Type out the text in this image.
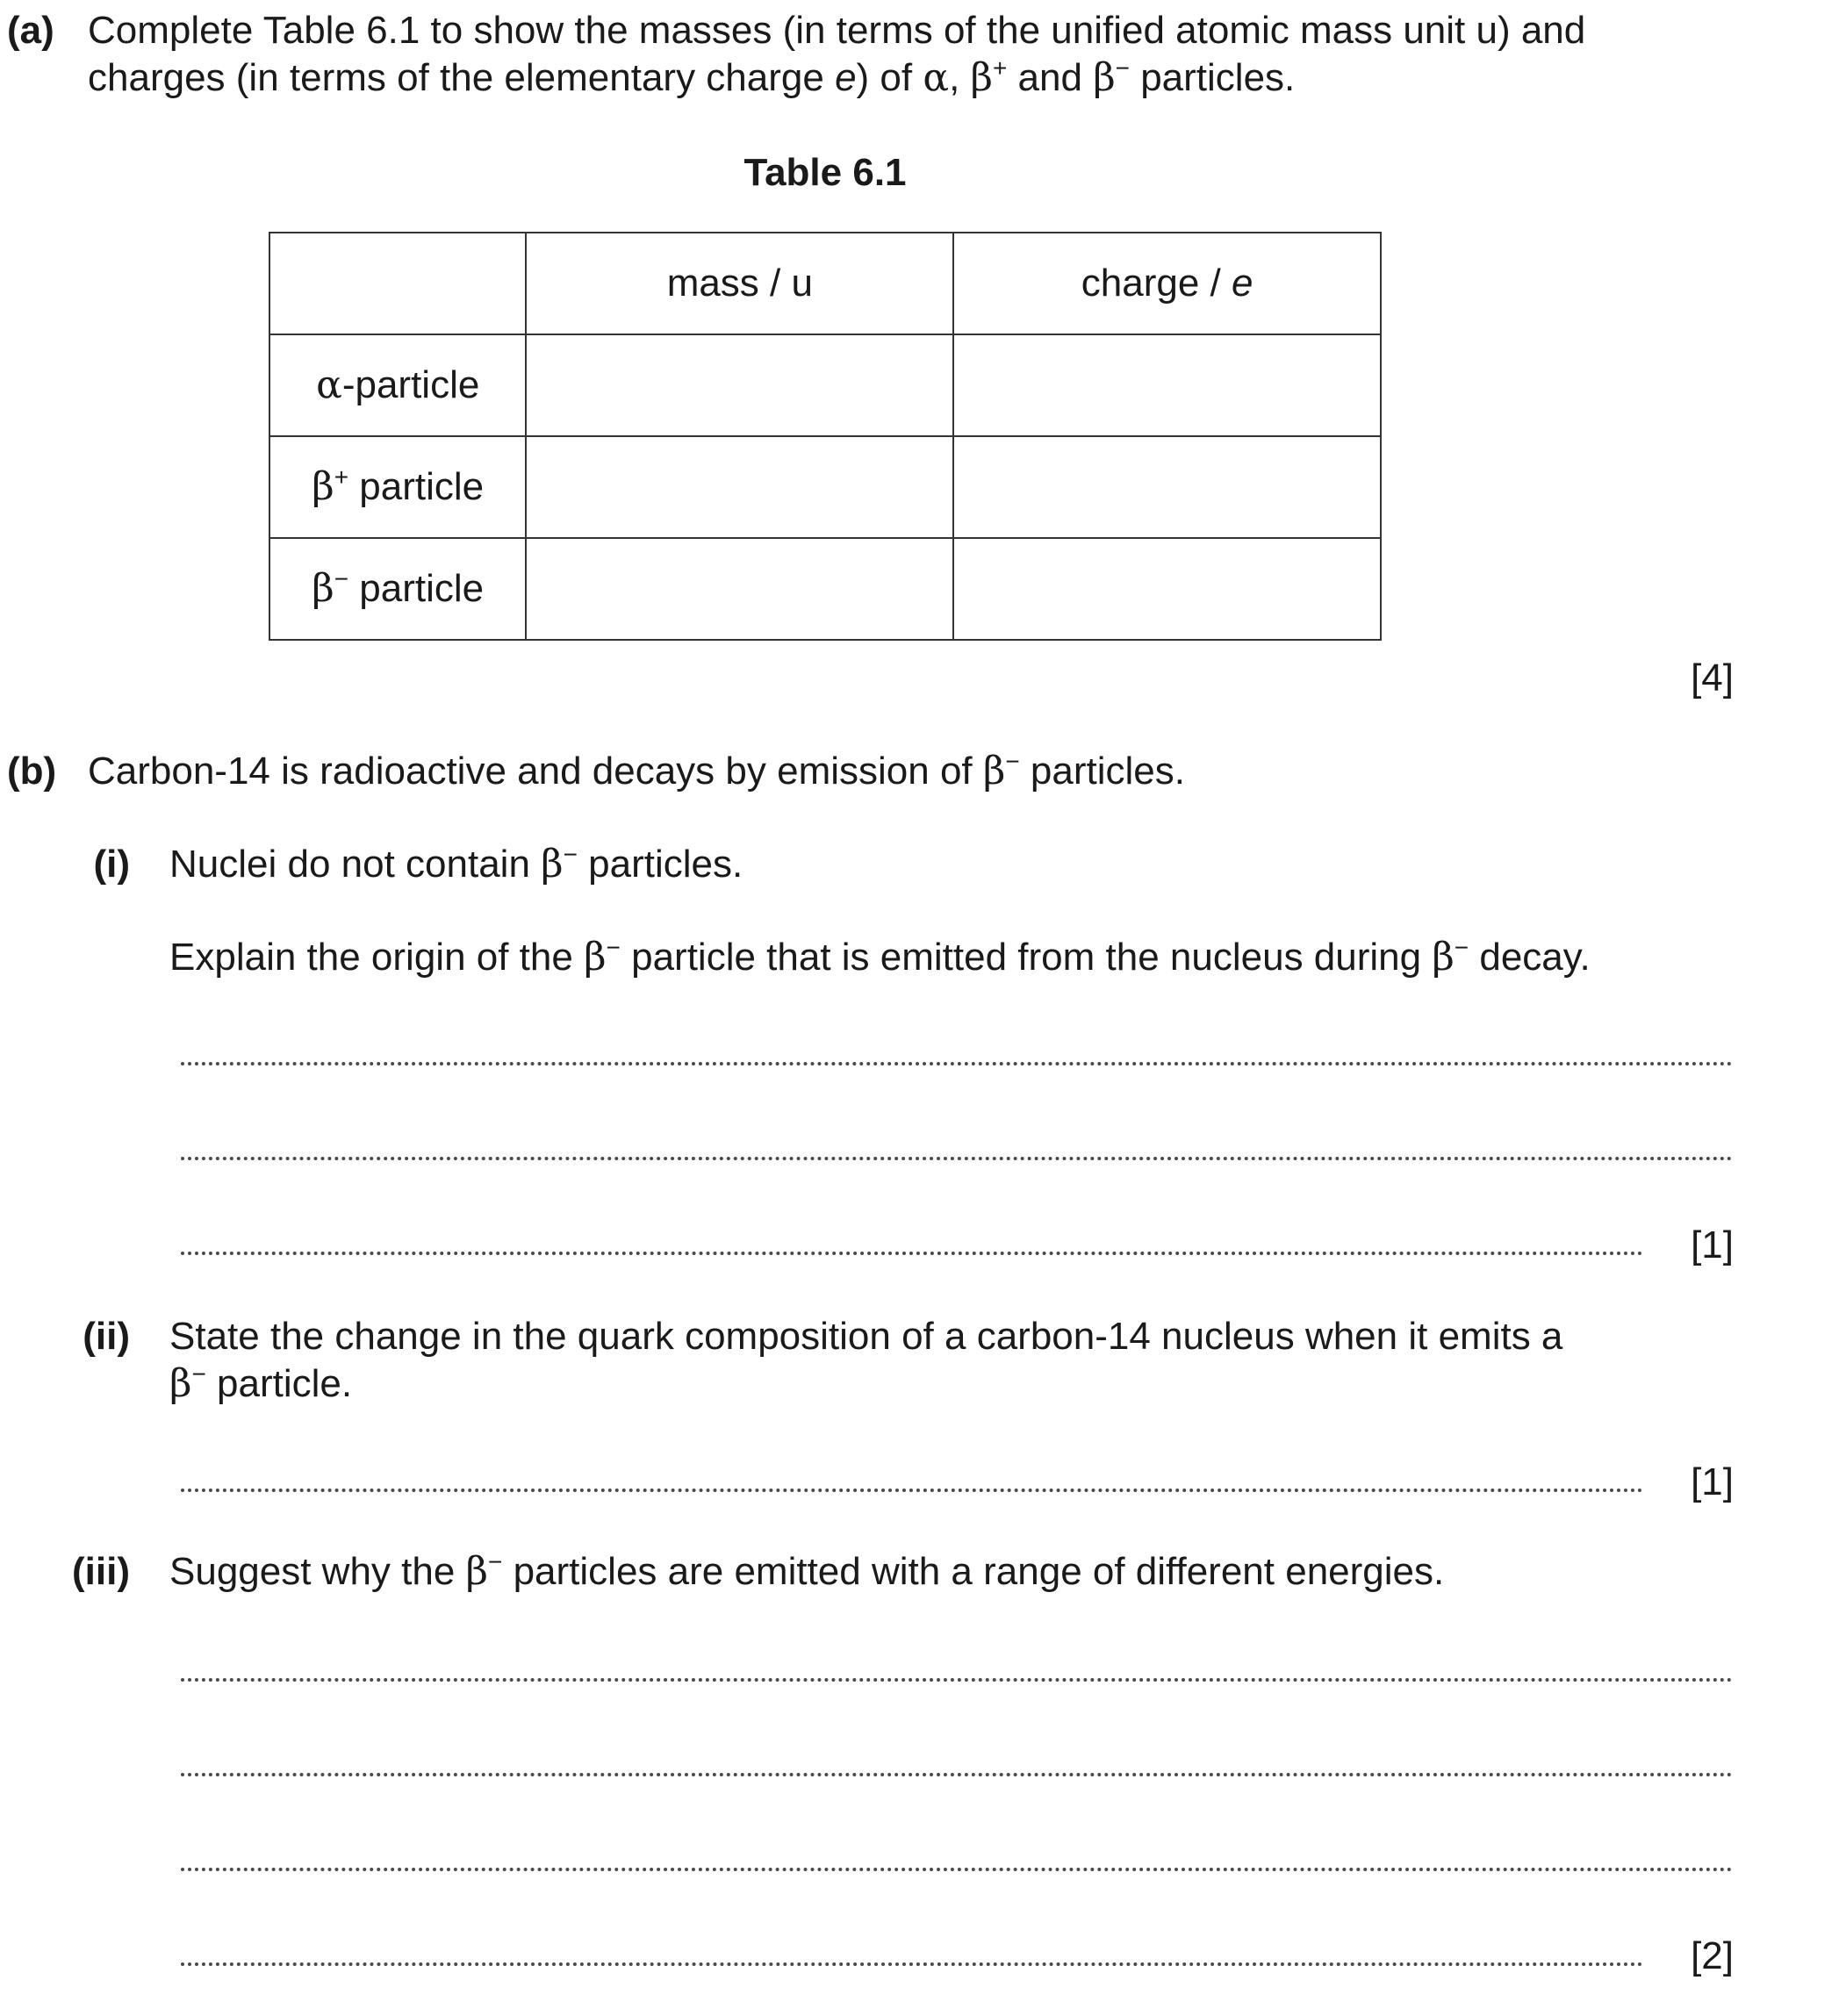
(a) Complete Table 6.1 to show the masses (in terms of the unified atomic mass unit u) and
charges (in terms of the elementary charge e) of α, β+ and β− particles.
Table 6.1
	mass / u	charge / e
α-particle		
β+ particle		
β− particle		
[4]
(b) Carbon-14 is radioactive and decays by emission of β− particles.
(i) Nuclei do not contain β− particles.
Explain the origin of the β− particle that is emitted from the nucleus during β− decay.
[1]
(ii) State the change in the quark composition of a carbon-14 nucleus when it emits a
β− particle.
[1]
(iii) Suggest why the β− particles are emitted with a range of different energies.
[2]
